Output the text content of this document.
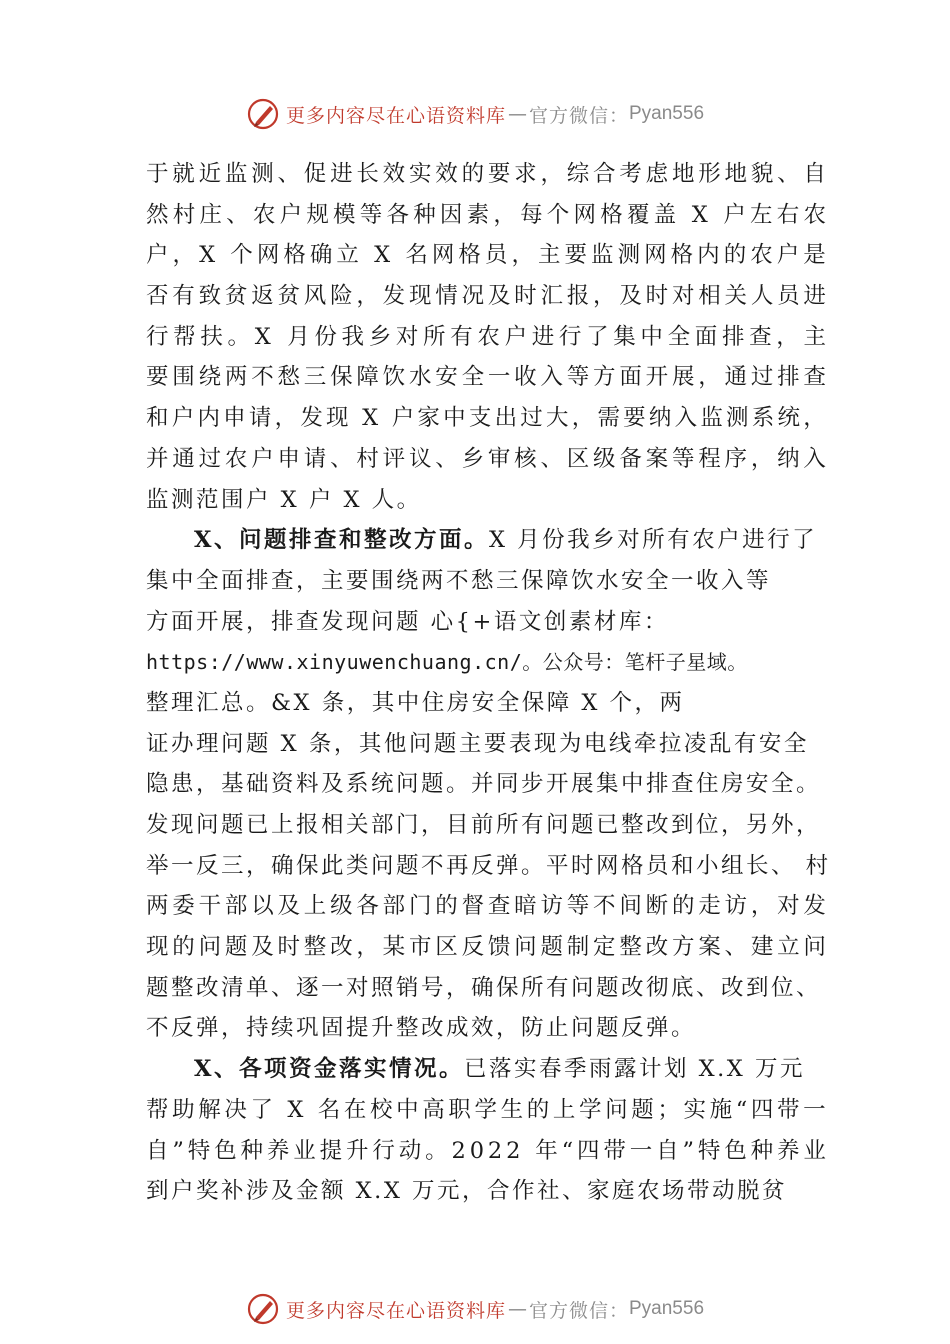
更多内容尽在心语资料库 — 官方微信： Pyan556
于 就 近 监 测 、 促 进 长 效 实 效 的 要 求 ， 综 合 考 虑 地 形 地 貌 、 自
然 村 庄 、 农 户 规 模 等 各 种 因 素 ， 每 个 网 格 覆 盖
X
户 左 右 农
户 ， X
个 网 格 确 立
X
名 网 格 员 ， 主 要 监 测 网 格 内 的 农 户 是
否 有 致 贫 返 贫 风 险 ， 发 现 情 况 及 时 汇 报 ， 及 时 对 相 关 人 员 进
行 帮 扶 。 X
月 份 我 乡 对 所 有 农 户 进 行 了 集 中 全 面 排 查 ， 主
要 围 绕 两 不 愁 三 保 障 饮 水 安 全 一 收 入 等 方 面 开 展 ， 通 过 排 查
和 户 内 申 请 ， 发 现
X
户 家 中 支 出 过 大 ， 需 要 纳 入 监 测 系 统 ，
并 通 过 农 户 申 请 、 村 评 议 、 乡 审 核 、 区 级 备 案 等 程 序 ， 纳 入
监测范围户 X 户 X 人。
X、问题排查和整改方面。X 月份我乡对所有农户进行了
集中全面排查，主要围绕两不愁三保障饮水安全一收入等
方面开展，排查发现问题 心{+语文创素材库：
https://www.xinyuwenchuang.cn/。公众号：笔杆子星域。
整理汇总。&X 条，其中住房安全保障 X 个，两
证办理问题 X 条，其他问题主要表现为电线牵拉凌乱有安全
隐患，基础资料及系统问题。并同步开展集中排查住房安全。
发现问题已上报相关部门，目前所有问题已整改到位，另外，
举一反三，确保此类问题不再反弹。平时网格员和小组长、 村
两 委 干 部 以 及 上 级 各 部 门 的 督 查 暗 访 等 不 间 断 的 走 访 ， 对 发
现 的 问 题 及 时 整 改 ， 某 市 区 反 馈 问 题 制 定 整 改 方 案 、 建 立 问
题整改清单、逐一对照销号，确保所有问题改彻底、改到位、
不反弹，持续巩固提升整改成效，防止问题反弹。
X、各项资金落实情况。已落实春季雨露计划 X.X 万元
帮 助 解 决 了
X
名 在 校 中 高 职 学 生 的 上 学 问 题 ； 实 施 “ 四 带 一
自 ” 特 色 种 养 业 提 升 行 动 。 2 0 2 2
年 “ 四 带 一 自 ” 特 色 种 养 业
到户奖补涉及金额 X.X 万元，合作社、家庭农场带动脱贫
更多内容尽在心语资料库 — 官方微信： Pyan556
